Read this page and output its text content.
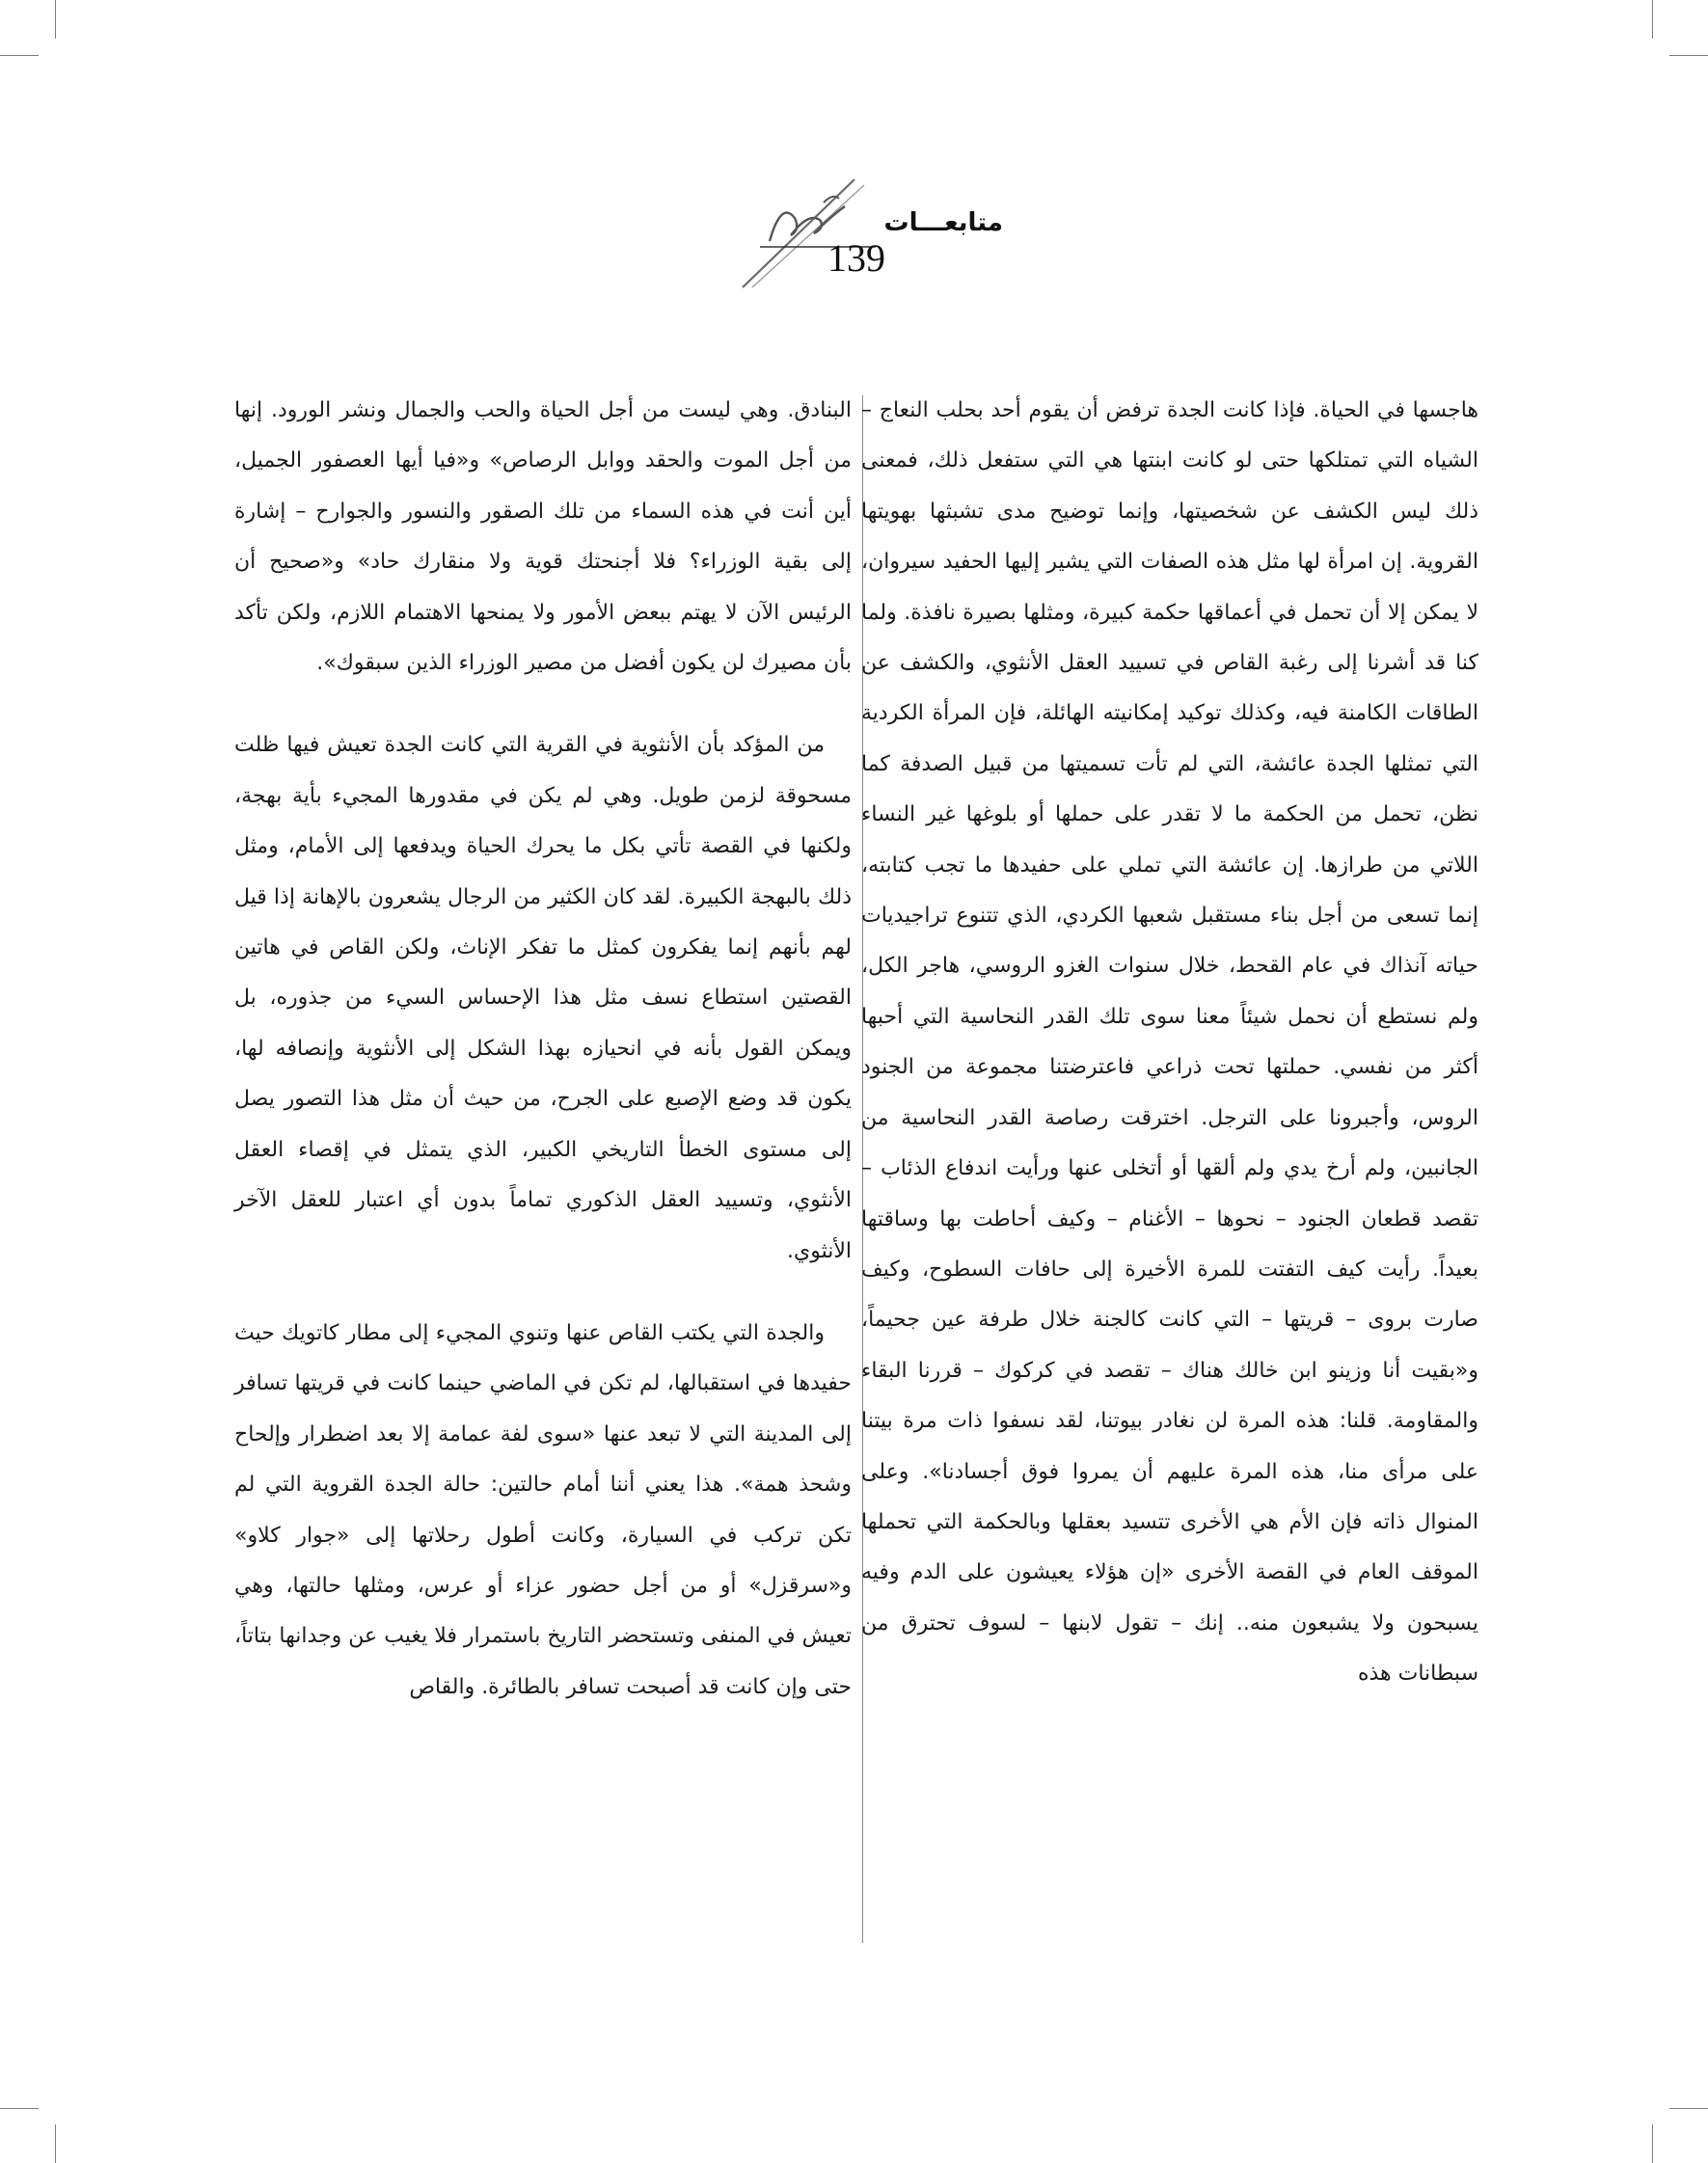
متابعـــات
139

هاجسها في الحياة. فإذا كانت الجدة ترفض أن يقوم أحد بحلب النعاج – الشياه التي تمتلكها حتى لو كانت ابنتها هي التي ستفعل ذلك، فمعنى ذلك ليس الكشف عن شخصيتها، وإنما توضيح مدى تشبثها بهويتها القروية. إن امرأة لها مثل هذه الصفات التي يشير إليها الحفيد سيروان، لا يمكن إلا أن تحمل في أعماقها حكمة كبيرة، ومثلها بصيرة نافذة. ولما كنا قد أشرنا إلى رغبة القاص في تسييد العقل الأنثوي، والكشف عن الطاقات الكامنة فيه، وكذلك توكيد إمكانيته الهائلة، فإن المرأة الكردية التي تمثلها الجدة عائشة، التي لم تأت تسميتها من قبيل الصدفة كما نظن، تحمل من الحكمة ما لا تقدر على حملها أو بلوغها غير النساء اللاتي من طرازها. إن عائشة التي تملي على حفيدها ما تجب كتابته، إنما تسعى من أجل بناء مستقبل شعبها الكردي، الذي تتنوع تراجيديات حياته آنذاك في عام القحط، خلال سنوات الغزو الروسي، هاجر الكل، ولم نستطع أن نحمل شيئاً معنا سوى تلك القدر النحاسية التي أحبها أكثر من نفسي. حملتها تحت ذراعي فاعترضتنا مجموعة من الجنود الروس، وأجبرونا على الترجل. اخترقت رصاصة القدر النحاسية من الجانبين، ولم أرخ يدي ولم ألقها أو أتخلى عنها ورأيت اندفاع الذئاب – تقصد قطعان الجنود – نحوها – الأغنام – وكيف أحاطت بها وساقتها بعيداً. رأيت كيف التفتت للمرة الأخيرة إلى حافات السطوح، وكيف صارت بروى – قريتها – التي كانت كالجنة خلال طرفة عين جحيماً، و«بقيت أنا وزينو ابن خالك هناك – تقصد في كركوك – قررنا البقاء والمقاومة. قلنا: هذه المرة لن نغادر بيوتنا، لقد نسفوا ذات مرة بيتنا على مرأى منا، هذه المرة عليهم أن يمروا فوق أجسادنا». وعلى المنوال ذاته فإن الأم هي الأخرى تتسيد بعقلها وبالحكمة التي تحملها الموقف العام في القصة الأخرى «إن هؤلاء يعيشون على الدم وفيه يسبحون ولا يشبعون منه.. إنك – تقول لابنها – لسوف تحترق من سبطانات هذه

البنادق. وهي ليست من أجل الحياة والحب والجمال ونشر الورود. إنها من أجل الموت والحقد ووابل الرصاص» و«فيا أيها العصفور الجميل، أين أنت في هذه السماء من تلك الصقور والنسور والجوارح – إشارة إلى بقية الوزراء؟ فلا أجنحتك قوية ولا منقارك حاد» و«صحيح أن الرئيس الآن لا يهتم ببعض الأمور ولا يمنحها الاهتمام اللازم، ولكن تأكد بأن مصيرك لن يكون أفضل من مصير الوزراء الذين سبقوك».

من المؤكد بأن الأنثوية في القرية التي كانت الجدة تعيش فيها ظلت مسحوقة لزمن طويل. وهي لم يكن في مقدورها المجيء بأية بهجة، ولكنها في القصة تأتي بكل ما يحرك الحياة ويدفعها إلى الأمام، ومثل ذلك بالبهجة الكبيرة. لقد كان الكثير من الرجال يشعرون بالإهانة إذا قيل لهم بأنهم إنما يفكرون كمثل ما تفكر الإناث، ولكن القاص في هاتين القصتين استطاع نسف مثل هذا الإحساس السيء من جذوره، بل ويمكن القول بأنه في انحيازه بهذا الشكل إلى الأنثوية وإنصافه لها، يكون قد وضع الإصبع على الجرح، من حيث أن مثل هذا التصور يصل إلى مستوى الخطأ التاريخي الكبير، الذي يتمثل في إقصاء العقل الأنثوي، وتسييد العقل الذكوري تماماً بدون أي اعتبار للعقل الآخر الأنثوي.

والجدة التي يكتب القاص عنها وتنوي المجيء إلى مطار كاتويك حيث حفيدها في استقبالها، لم تكن في الماضي حينما كانت في قريتها تسافر إلى المدينة التي لا تبعد عنها «سوى لفة عمامة إلا بعد اضطرار وإلحاح وشحذ همة». هذا يعني أننا أمام حالتين: حالة الجدة القروية التي لم تكن تركب في السيارة، وكانت أطول رحلاتها إلى «جوار كلاو» و«سرقزل» أو من أجل حضور عزاء أو عرس، ومثلها حالتها، وهي تعيش في المنفى وتستحضر التاريخ باستمرار فلا يغيب عن وجدانها بتاتاً، حتى وإن كانت قد أصبحت تسافر بالطائرة. والقاص
